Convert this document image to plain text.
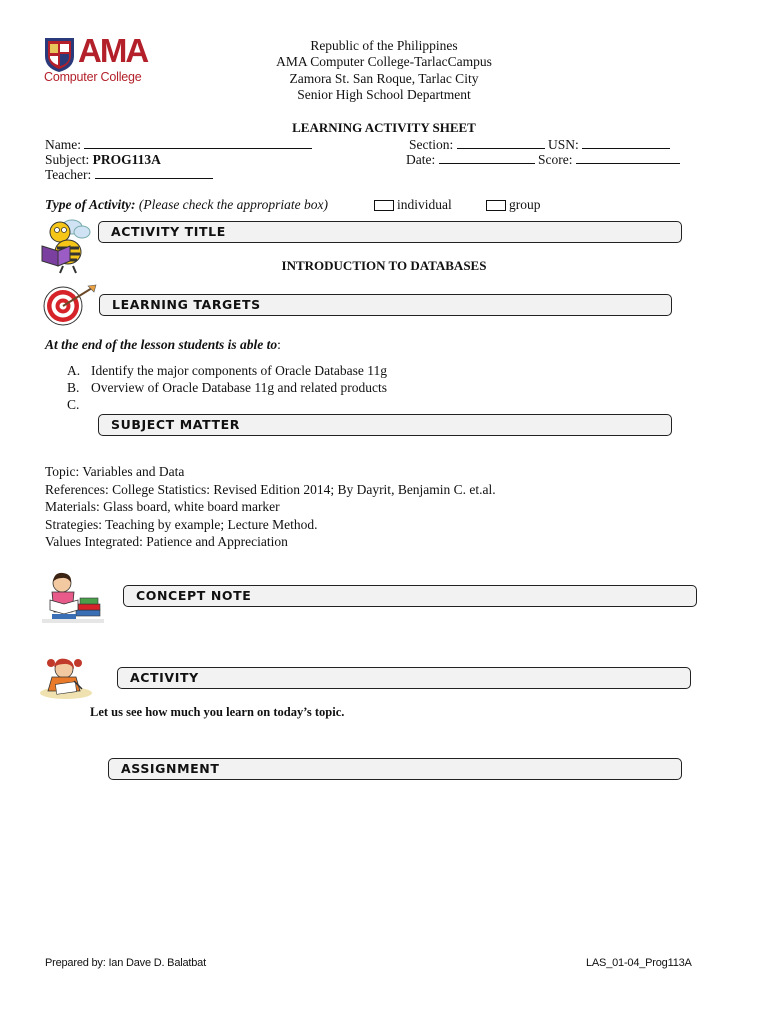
AMA
Computer College
Republic of the Philippines
AMA Computer College-TarlacCampus
Zamora St. San Roque, Tarlac City
Senior High School Department
LEARNING ACTIVITY SHEET
Name:	Section:	USN:
Subject: PROG113A	Date:	Score:
Teacher:
Type of Activity: (Please check the appropriate box)	individual	group
ACTIVITY TITLE
INTRODUCTION TO DATABASES
LEARNING TARGETS
At the end of the lesson students is able to:
A. Identify the major components of Oracle Database 11g
B. Overview of Oracle Database 11g and related products
C.
SUBJECT MATTER
Topic: Variables and Data
References: College Statistics: Revised Edition 2014; By Dayrit, Benjamin C. et.al.
Materials: Glass board, white board marker
Strategies: Teaching by example; Lecture Method.
Values Integrated: Patience and Appreciation
CONCEPT NOTE
ACTIVITY
Let us see how much you learn on today’s topic.
ASSIGNMENT
Prepared by: Ian Dave D. Balatbat	LAS_01-04_Prog113A
